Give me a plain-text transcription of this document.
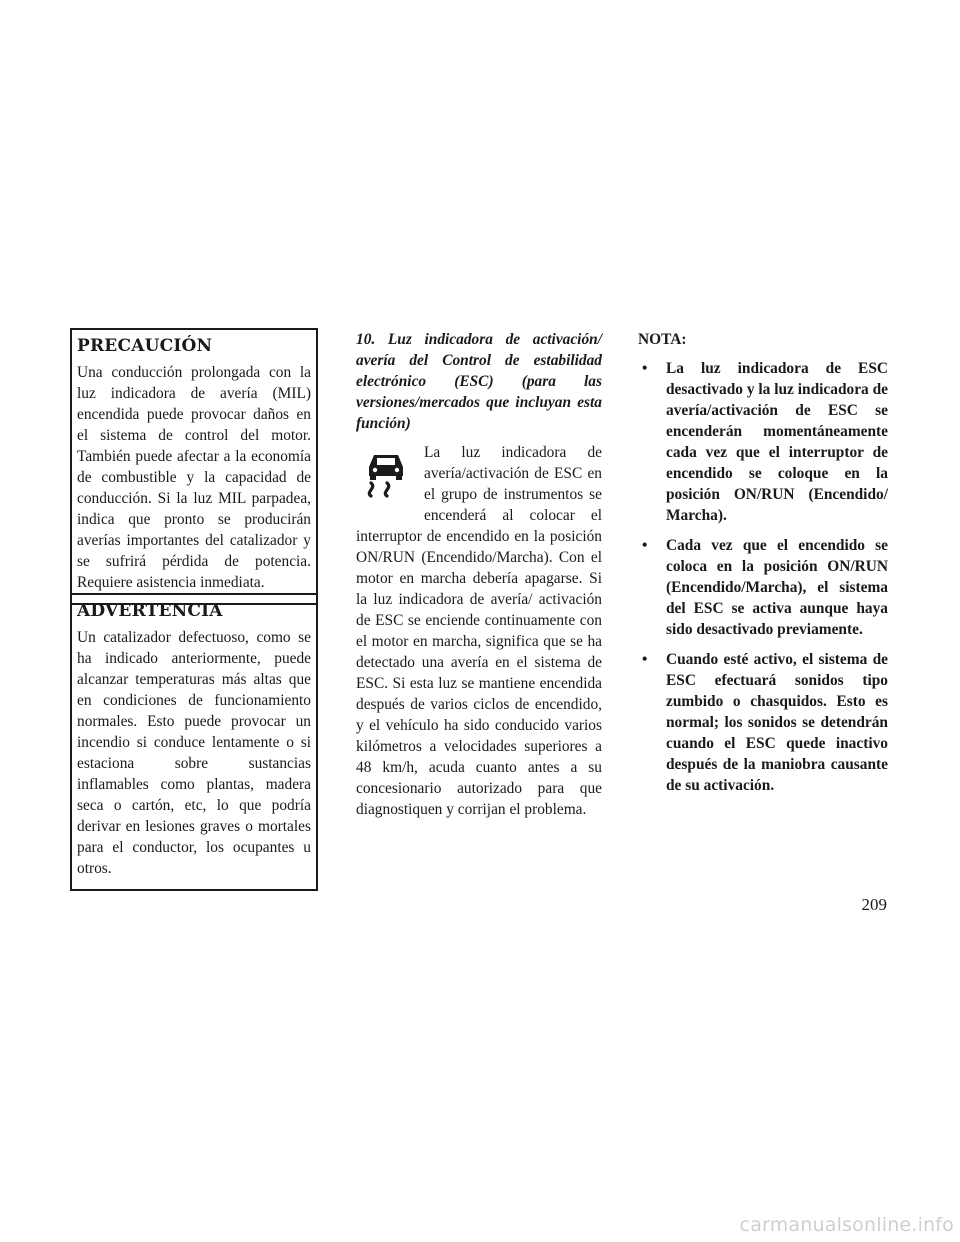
PRECAUCIÓN
Una conducción prolongada con la luz indicadora de avería (MIL) encendida puede provocar daños en el sistema de control del motor. También puede afectar a la economía de combustible y la capacidad de conducción. Si la luz MIL parpadea, indica que pronto se producirán averías importantes del catalizador y se sufrirá pérdida de potencia. Requiere asistencia inmediata.
ADVERTENCIA
Un catalizador defectuoso, como se ha indicado anteriormente, puede alcanzar temperaturas más altas que en condiciones de funcionamiento normales. Esto puede provocar un incendio si conduce lentamente o si estaciona sobre sustancias inflamables como plantas, madera seca o cartón, etc, lo que podría derivar en lesiones graves o mortales para el conductor, los ocupantes u otros.

10. Luz indicadora de activación/ avería del Control de estabilidad electrónico (ESC) (para las versiones/mercados que incluyan esta función)

La luz indicadora de avería/activación de ESC en el grupo de instrumentos se encenderá al colocar el interruptor de encendido en la posición ON/RUN (Encendido/Marcha). Con el motor en marcha debería apagarse. Si la luz indicadora de avería/ activación de ESC se enciende continuamente con el motor en marcha, significa que se ha detectado una avería en el sistema de ESC. Si esta luz se mantiene encendida después de varios ciclos de encendido, y el vehículo ha sido conducido varios kilómetros a velocidades superiores a 48 km/h, acuda cuanto antes a su concesionario autorizado para que diagnostiquen y corrijan el problema.

NOTA:

• La luz indicadora de ESC desactivado y la luz indicadora de avería/activación de ESC se encenderán momentáneamente cada vez que el interruptor de encendido se coloque en la posición ON/RUN (Encendido/ Marcha).
• Cada vez que el encendido se coloca en la posición ON/RUN (Encendido/Marcha), el sistema del ESC se activa aunque haya sido desactivado previamente.
• Cuando esté activo, el sistema de ESC efectuará sonidos tipo zumbido o chasquidos. Esto es normal; los sonidos se detendrán cuando el ESC quede inactivo después de la maniobra causante de su activación.
209
carmanualsonline.info
